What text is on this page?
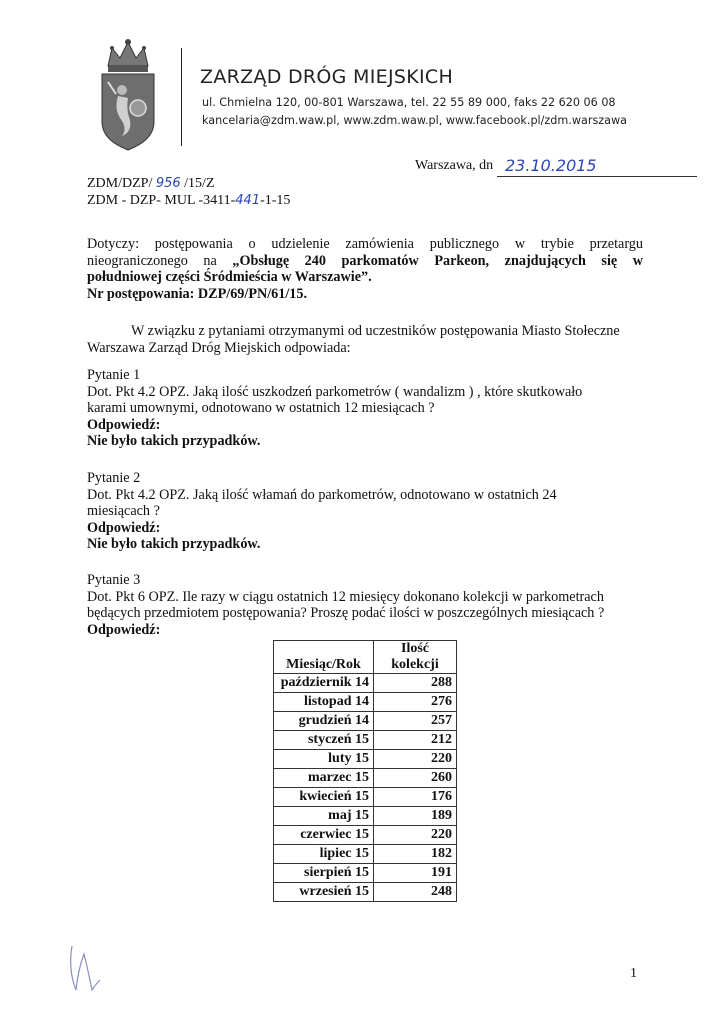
ZARZĄD DRÓG MIEJSKICH
ul. Chmielna 120, 00-801 Warszawa, tel. 22 55 89 000, faks 22 620 06 08
kancelaria@zdm.waw.pl, www.zdm.waw.pl, www.facebook.pl/zdm.warszawa
Warszawa, dn 23.10.2015
ZDM/DZP/ 956 /15/Z
ZDM - DZP- MUL -3411-441-1-15
Dotyczy: postępowania o udzielenie zamówienia publicznego w trybie przetargu
nieograniczonego na „Obsługę 240 parkomatów Parkeon, znajdujących się w
południowej części Śródmieścia w Warszawie”.
Nr postępowania: DZP/69/PN/61/15.
W związku z pytaniami otrzymanymi od uczestników postępowania Miasto Stołeczne
Warszawa Zarząd Dróg Miejskich odpowiada:
Pytanie 1
Dot. Pkt 4.2 OPZ. Jaką ilość uszkodzeń parkometrów ( wandalizm ) , które skutkowało
karami umownymi, odnotowano w ostatnich 12 miesiącach ?
Odpowiedź:
Nie było takich przypadków.
Pytanie 2
Dot. Pkt 4.2 OPZ. Jaką ilość włamań do parkometrów, odnotowano w ostatnich 24
miesiącach ?
Odpowiedź:
Nie było takich przypadków.
Pytanie 3
Dot. Pkt 6 OPZ. Ile razy w ciągu ostatnich 12 miesięcy dokonano kolekcji w parkometrach
będących przedmiotem postępowania? Proszę podać ilości w poszczególnych miesiącach ?
Odpowiedź:
Miesiąc/Rok	Ilość
kolekcji

październik 14	288
listopad 14	276
grudzień 14	257
styczeń 15	212
luty 15	220
marzec 15	260
kwiecień 15	176
maj 15	189
czerwiec 15	220
lipiec 15	182
sierpień 15	191
wrzesień 15	248
1
